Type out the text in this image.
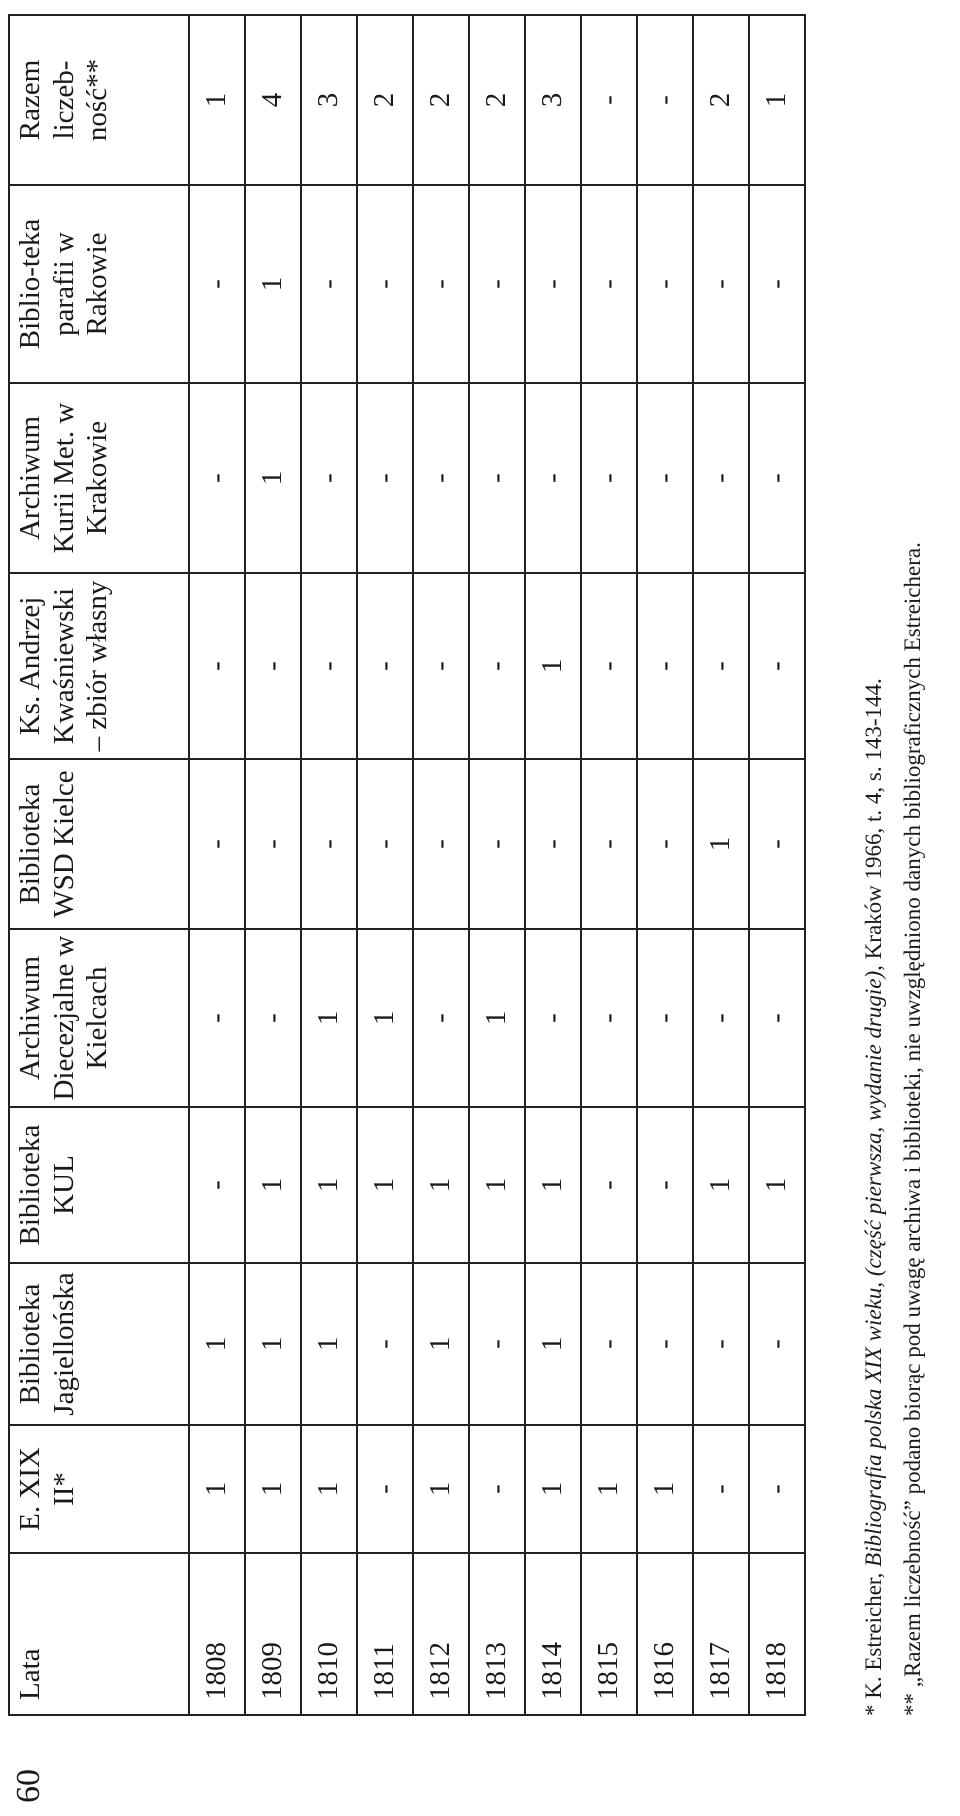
Lata	E. XIX II*	Biblioteka Jagiellońska	Biblioteka KUL	Archiwum Diecezjalne w Kielcach	Biblioteka WSD Kielce	Ks. Andrzej Kwaśniewski – zbiór własny	Archiwum Kurii Met. w Krakowie	Biblio-teka parafii w Rakowie	Razem liczeb-ność**
1808	1	1	-	-	-	-	-	-	1
1809	1	1	1	-	-	-	1	1	4
1810	1	1	1	1	-	-	-	-	3
1811	-	-	1	1	-	-	-	-	2
1812	1	1	1	-	-	-	-	-	2
1813	-	-	1	1	-	-	-	-	2
1814	1	1	1	-	-	1	-	-	3
1815	1	-	-	-	-	-	-	-	-
1816	1	-	-	-	-	-	-	-	-
1817	-	-	1	-	1	-	-	-	2
1818	-	-	1	-	-	-	-	-	1
* K. Estreicher, Bibliografia polska XIX wieku, (część pierwsza, wydanie drugie), Kraków 1966, t. 4, s. 143-144. ** „Razem liczebność” podano biorąc pod uwagę archiwa i biblioteki, nie uwzględniono danych bibliograficznych Estreichera.
60
